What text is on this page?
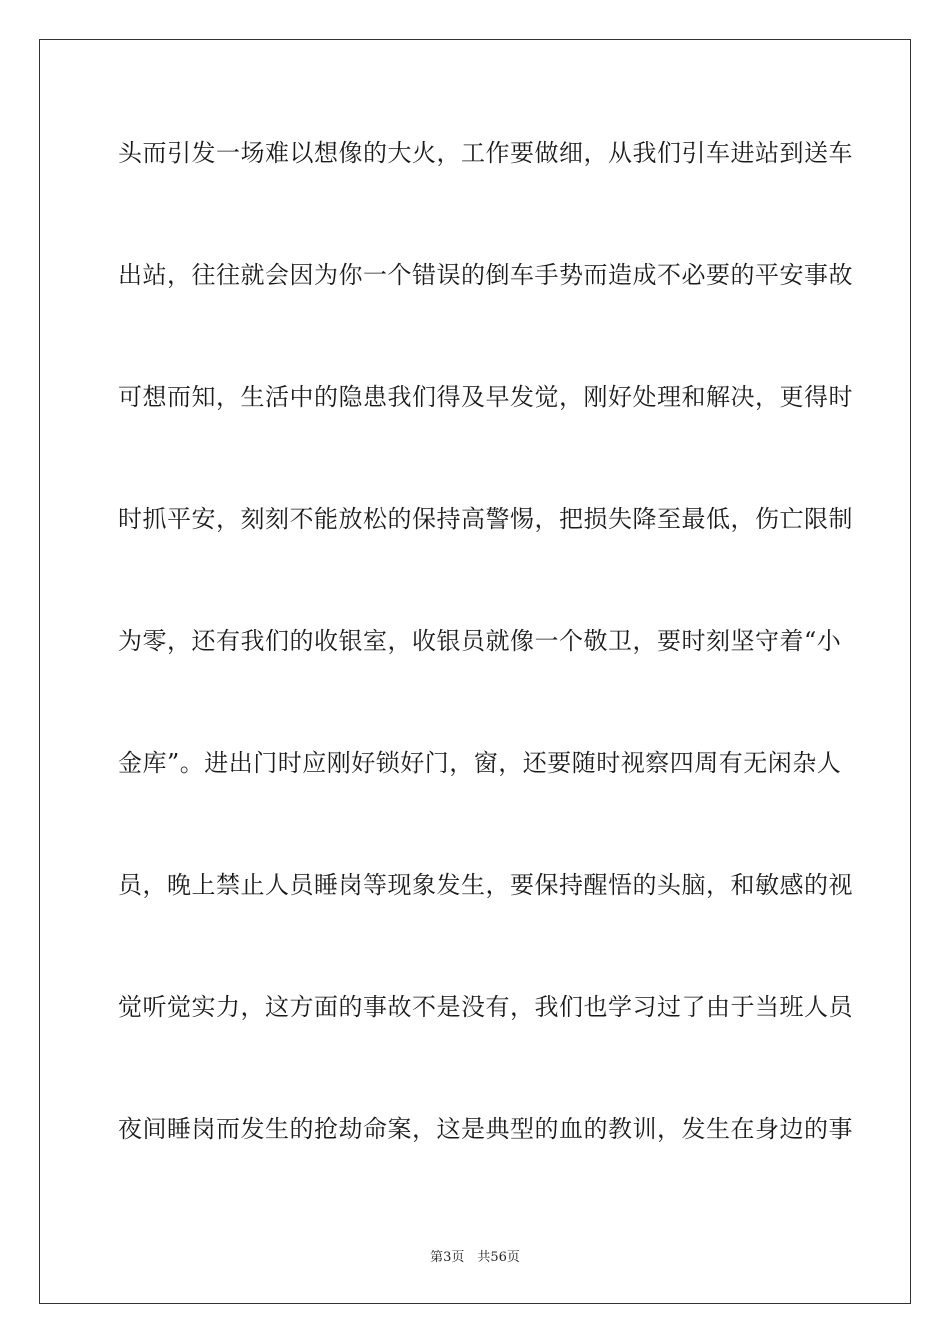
头而引发一场难以想像的大火，工作要做细，从我们引车进站到送车
出站，往往就会因为你一个错误的倒车手势而造成不必要的平安事故
可想而知，生活中的隐患我们得及早发觉，刚好处理和解决，更得时
时抓平安，刻刻不能放松的保持高警惕，把损失降至最低，伤亡限制
为零，还有我们的收银室，收银员就像一个敬卫，要时刻坚守着“小
金库”。进出门时应刚好锁好门，窗，还要随时视察四周有无闲杂人
员，晚上禁止人员睡岗等现象发生，要保持醒悟的头脑，和敏感的视
觉听觉实力，这方面的事故不是没有，我们也学习过了由于当班人员
夜间睡岗而发生的抢劫命案，这是典型的血的教训，发生在身边的事
第3页　共56页
